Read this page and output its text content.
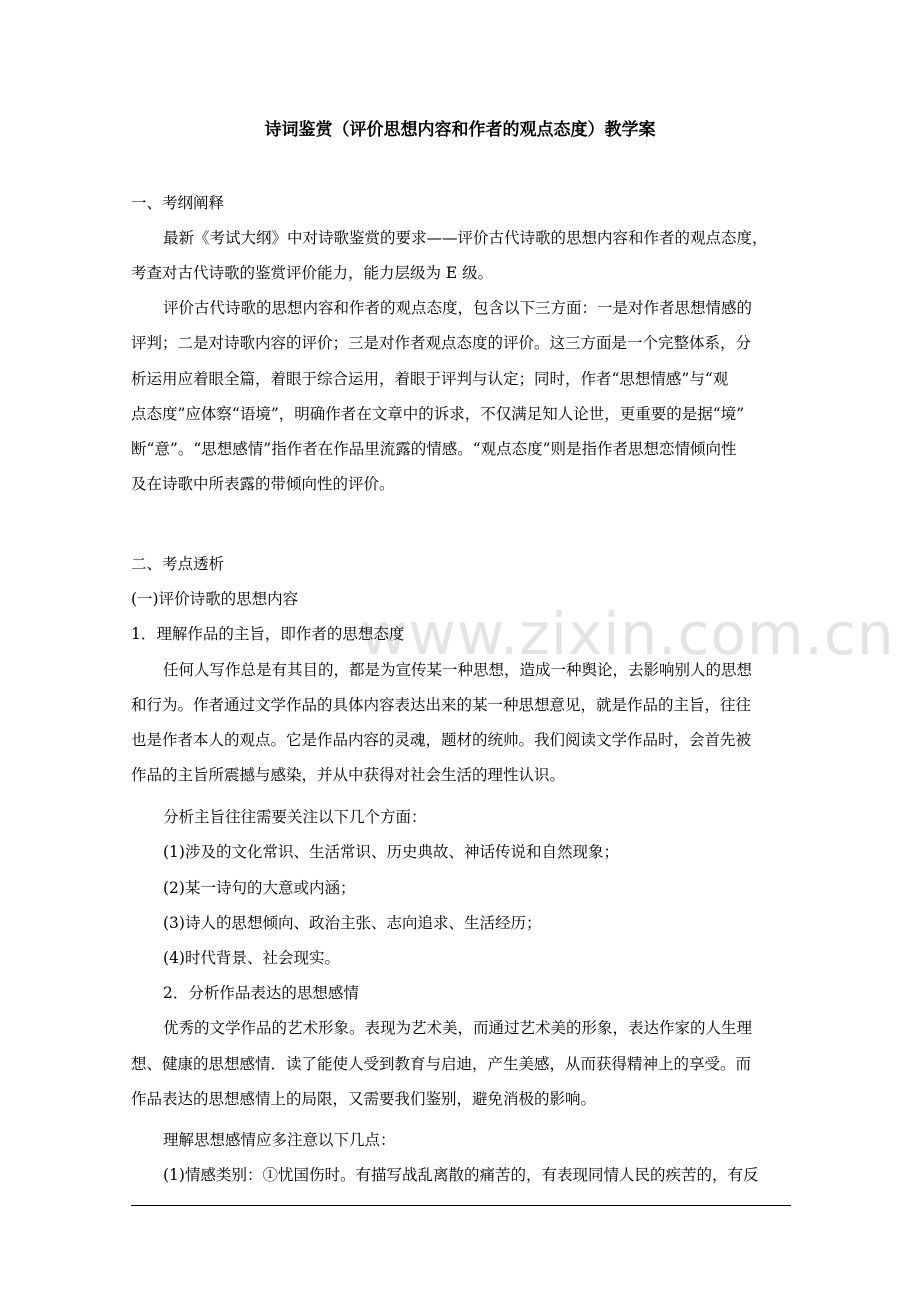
www.zixin.com.cn
诗词鉴赏（评价思想内容和作者的观点态度）教学案
一、考纲阐释
最新《考试大纲》中对诗歌鉴赏的要求——评价古代诗歌的思想内容和作者的观点态度，
考查对古代诗歌的鉴赏评价能力，能力层级为 E 级。
评价古代诗歌的思想内容和作者的观点态度，包含以下三方面：一是对作者思想情感的
评判；二是对诗歌内容的评价；三是对作者观点态度的评价。这三方面是一个完整体系，分
析运用应着眼全篇，着眼于综合运用，着眼于评判与认定；同时，作者“思想情感”与“观
点态度”应体察“语境”，明确作者在文章中的诉求，不仅满足知人论世，更重要的是据“境”
断“意”。“思想感情”指作者在作品里流露的情感。“观点态度”则是指作者思想恋情倾向性
及在诗歌中所表露的带倾向性的评价。
二、考点透析
(一)评价诗歌的思想内容
1．理解作品的主旨，即作者的思想态度
任何人写作总是有其目的，都是为宣传某一种思想，造成一种舆论，去影响别人的思想
和行为。作者通过文学作品的具体内容表达出来的某一种思想意见，就是作品的主旨，往往
也是作者本人的观点。它是作品内容的灵魂，题材的统帅。我们阅读文学作品时，会首先被
作品的主旨所震撼与感染，并从中获得对社会生活的理性认识。
分析主旨往往需要关注以下几个方面：
(1)涉及的文化常识、生活常识、历史典故、神话传说和自然现象；
(2)某一诗句的大意或内涵；
(3)诗人的思想倾向、政治主张、志向追求、生活经历；
(4)时代背景、社会现实。
2．分析作品表达的思想感情
优秀的文学作品的艺术形象。表现为艺术美，而通过艺术美的形象，表达作家的人生理
想、健康的思想感情．读了能使人受到教育与启迪，产生美感，从而获得精神上的享受。而
作品表达的思想感情上的局限，又需要我们鉴别，避免消极的影响。
理解思想感情应多注意以下几点：
(1)情感类别：①忧国伤时。有描写战乱离散的痛苦的，有表现同情人民的疾苦的，有反
